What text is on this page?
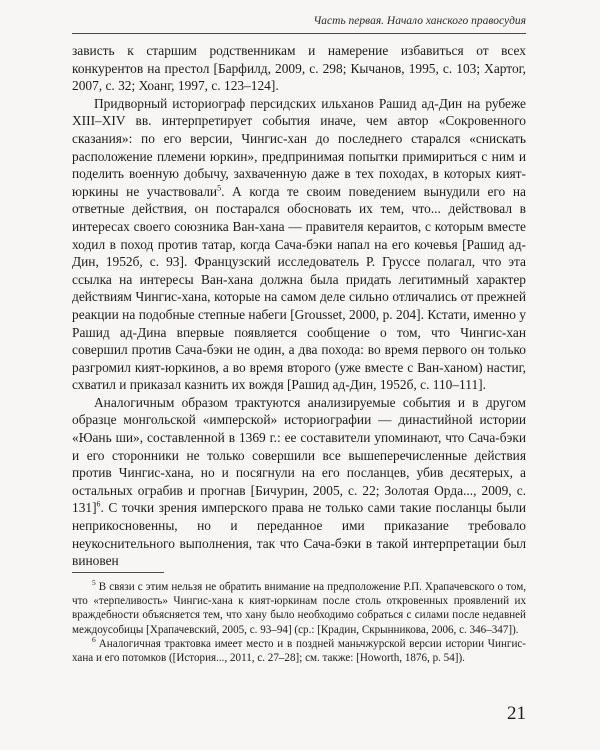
Часть первая. Начало ханского правосудия

зависть к старшим родственникам и намерение избавиться от всех конкурентов на престол [Барфилд, 2009, с. 298; Кычанов, 1995, с. 103; Хартог, 2007, с. 32; Хоанг, 1997, с. 123–124].

Придворный историограф персидских ильханов Рашид ад-Дин на рубеже XIII–XIV вв. интерпретирует события иначе, чем автор «Сокровенного сказания»: по его версии, Чингис-хан до последнего старался «снискать расположение племени юркин», предпринимая попытки примириться с ним и поделить военную добычу, захваченную даже в тех походах, в которых кият-юркины не участвовали$^5$. А когда те своим поведением вынудили его на ответные действия, он постарался обосновать их тем, что... действовал в интересах своего союзника Ван-хана — правителя кераитов, с которым вместе ходил в поход против татар, когда Сача-бэки напал на его кочевья [Рашид ад-Дин, 1952б, с. 93]. Французский исследователь Р. Груссе полагал, что эта ссылка на интересы Ван-хана должна была придать легитимный характер действиям Чингис-хана, которые на самом деле сильно отличались от прежней реакции на подобные степные набеги [Grousset, 2000, p. 204]. Кстати, именно у Рашид ад-Дина впервые появляется сообщение о том, что Чингис-хан совершил против Сача-бэки не один, а два похода: во время первого он только разгромил кият-юркинов, а во время второго (уже вместе с Ван-ханом) настиг, схватил и приказал казнить их вождя [Рашид ад-Дин, 1952б, с. 110–111].

Аналогичным образом трактуются анализируемые события и в другом образце монгольской «имперской» историографии — династийной истории «Юань ши», составленной в 1369 г.: ее составители упоминают, что Сача-бэки и его сторонники не только совершили все вышеперечисленные действия против Чингис-хана, но и посягнули на его посланцев, убив десятерых, а остальных ограбив и прогнав [Бичурин, 2005, с. 22; Золотая Орда..., 2009, с. 131]$^6$. С точки зрения имперского права не только сами такие посланцы были неприкосновенны, но и переданное ими приказание требовало неукоснительного выполнения, так что Сача-бэки в такой интерпретации был виновен

$^5$ В связи с этим нельзя не обратить внимание на предположение Р.П. Храпачевского о том, что «терпеливость» Чингис-хана к кият-юркинам после столь откровенных проявлений их враждебности объясняется тем, что хану было необходимо собраться с силами после недавней междоусобицы [Храпачевский, 2005, с. 93–94] (ср.: [Крадин, Скрынникова, 2006, с. 346–347]).

$^6$ Аналогичная трактовка имеет место и в поздней маньчжурской версии истории Чингис-хана и его потомков ([История..., 2011, с. 27–28]; см. также: [Howorth, 1876, p. 54]).

21
